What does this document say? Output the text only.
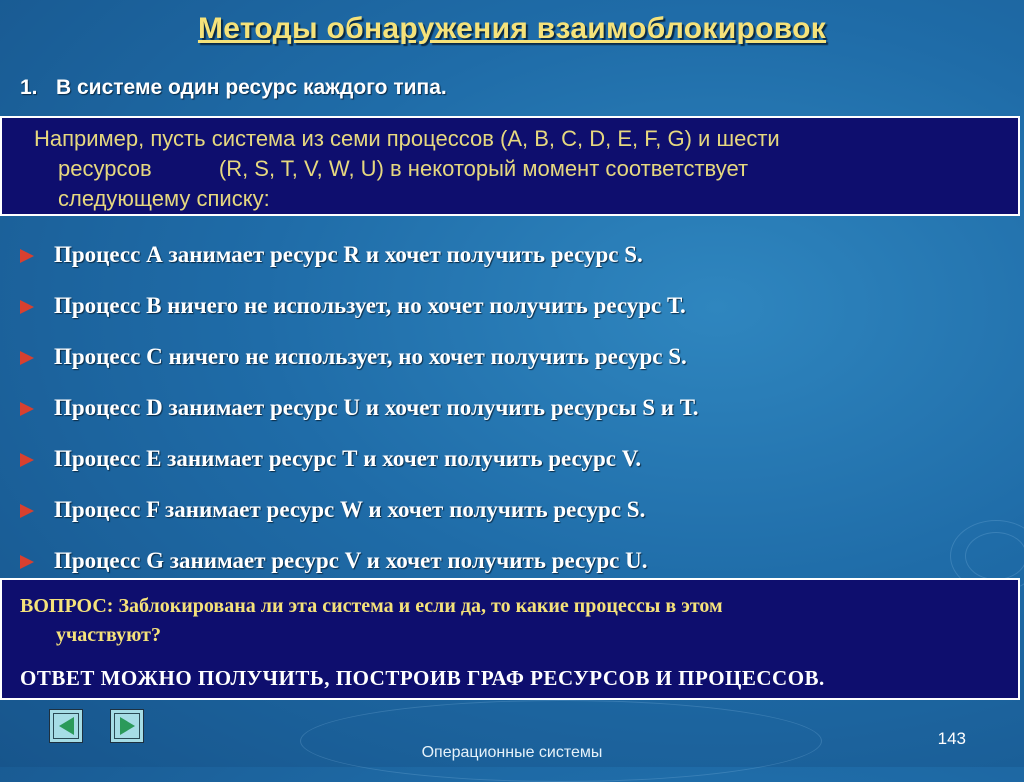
Методы обнаружения взаимоблокировок
1. В системе один ресурс каждого типа.
Например, пусть система из семи процессов (A, B, C, D, E, F, G) и шести
ресурсов           (R, S, T, V, W, U) в некоторый момент соответствует
следующему списку:
Процесс А занимает ресурс R и хочет получить ресурс S.
Процесс В ничего не использует, но хочет получить ресурс Т.
Процесс С ничего не использует, но хочет получить ресурс S.
Процесс D занимает ресурс U и хочет получить ресурсы S и Т.
Процесс Е занимает ресурс Т и хочет получить ресурс V.
Процесс F занимает ресурс W и хочет получить ресурс S.
Процесс G занимает ресурс V и хочет получить ресурс U.
ВОПРОС: Заблокирована ли эта система и если да, то какие процессы в этом
участвуют?
ОТВЕТ МОЖНО ПОЛУЧИТЬ, ПОСТРОИВ ГРАФ РЕСУРСОВ И ПРОЦЕССОВ.
143
Операционные системы
